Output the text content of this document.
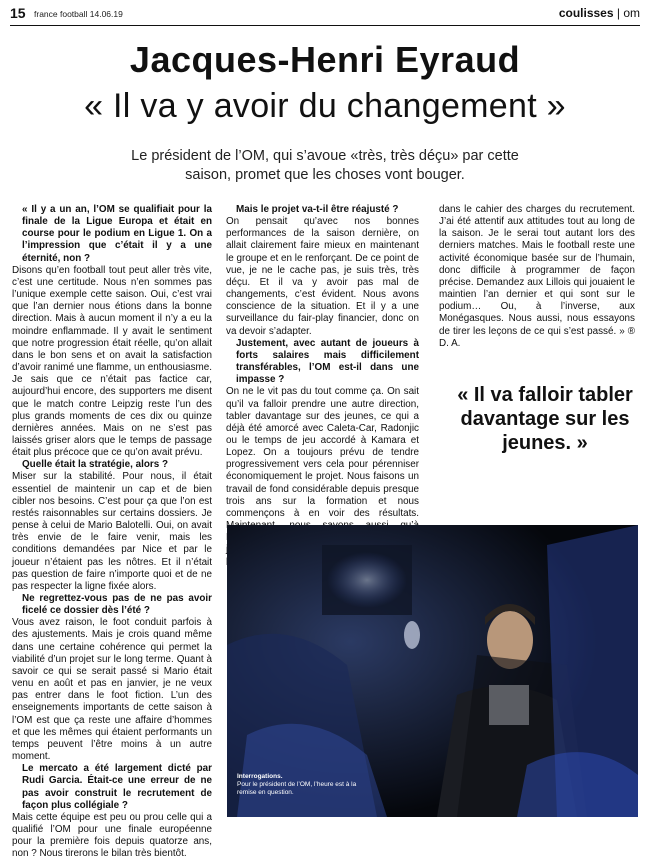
15 france football 14.06.19	coulisses | om
Jacques-Henri Eyraud
« Il va y avoir du changement »
Le président de l’OM, qui s’avoue «très, très déçu» par cette saison, promet que les choses vont bouger.

« Il y a un an, l’OM se qualifiait pour la finale de la Ligue Europa et était en course pour le podium en Ligue 1. On a l’impression que c’était il y a une éternité, non ?

Disons qu’en football tout peut aller très vite, c’est une certitude. Nous n’en sommes pas l’unique exemple cette saison. Oui, c’est vrai que l’an dernier nous étions dans la bonne direction. Mais à aucun moment il n’y a eu la moindre enflammade. Il y avait le sentiment que notre progression était réelle, qu’on allait dans le bon sens et on avait la satisfaction d’avoir ranimé une flamme, un enthousiasme. Je sais que ce n’était pas factice car, aujourd’hui encore, des supporters me disent que le match contre Leipzig reste l’un des plus grands moments de ces dix ou quinze dernières années. Mais on ne s’est pas laissés griser alors que le temps de passage était plus précoce que ce qu’on avait prévu.

Quelle était la stratégie, alors ?

Miser sur la stabilité. Pour nous, il était essentiel de maintenir un cap et de bien cibler nos besoins. C’est pour ça que l’on est restés raisonnables sur certains dossiers. Je pense à celui de Mario Balotelli. Oui, on avait très envie de le faire venir, mais les conditions demandées par Nice et par le joueur n’étaient pas les nôtres. Et il n’était pas question de faire n’importe quoi et de ne pas respecter la ligne fixée alors.

Ne regrettez-vous pas de ne pas avoir ficelé ce dossier dès l’été ?

Vous avez raison, le foot conduit parfois à des ajustements. Mais je crois quand même dans une certaine cohérence qui permet la viabilité d’un projet sur le long terme. Quant à savoir ce qui se serait passé si Mario était venu en août et pas en janvier, je ne veux pas entrer dans le foot fiction. L’un des enseignements importants de cette saison à l’OM est que ça reste une affaire d’hommes et que les mêmes qui étaient performants un temps peuvent l’être moins à un autre moment.

Le mercato a été largement dicté par Rudi Garcia. Était-ce une erreur de ne pas avoir construit le recrutement de façon plus collégiale ?

Mais cette équipe est peu ou prou celle qui a qualifié l’OM pour une finale européenne pour la première fois depuis quatorze ans, non ? Nous tirerons le bilan très bientôt.

Mais le projet va-t-il être réajusté ?

On pensait qu’avec nos bonnes performances de la saison dernière, on allait clairement faire mieux en maintenant le groupe et en le renforçant. De ce point de vue, je ne le cache pas, je suis très, très déçu. Et il va y avoir pas mal de changements, c’est évident. Nous avons conscience de la situation. Et il y a une surveillance du fair-play financier, donc on va devoir s’adapter.

Justement, avec autant de joueurs à forts salaires mais difficilement transférables, l’OM est-il dans une impasse ?

On ne le vit pas du tout comme ça. On sait qu’il va falloir prendre une autre direction, tabler davantage sur des jeunes, ce qui a déjà été amorcé avec Caleta-Car, Radonjic ou le temps de jeu accordé à Kamara et Lopez. On a toujours prévu de tendre progressivement vers cela pour pérenniser économiquement le projet. Nous faisons un travail de fond considérable depuis presque trois ans sur la formation et nous commençons à en voir des résultats.

dans le cahier des charges du recrutement. J’ai été attentif aux attitudes tout au long de la saison. Je le serai tout autant lors des derniers matches. Mais le football reste une activité économique basée sur de l’humain, donc difficile à programmer de façon précise. Demandez aux Lillois qui jouaient le maintien l’an dernier et qui sont sur le podium… Ou, à l’inverse, aux Monégasques. Nous aussi, nous essayons de tirer les leçons de ce qui s’est passé. » ® D. A.

« Il va falloir tabler davantage sur les jeunes. »
Interrogations.
Pour le président de l’OM, l’heure est à la remise en question.
